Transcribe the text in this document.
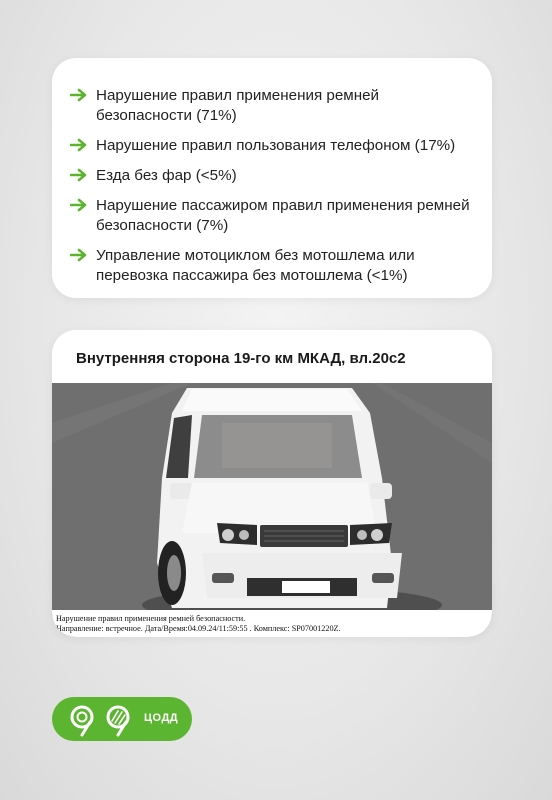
Нарушение правил применения ремней безопасности (71%)
Нарушение правил пользования телефоном (17%)
Езда без фар (<5%)
Нарушение пассажиром правил применения ремней безопасности (7%)
Управление мотоциклом без мотошлема или перевозка пассажира без мотошлема (<1%)
Внутренняя сторона 19-го км МКАД, вл.20с2
Нарушение правил применения ремней безопасности.
Направление: встречное. Дата/Время:04.09.24/11:59:55 . Комплекс: SP07001220Z.
ЦОДД
